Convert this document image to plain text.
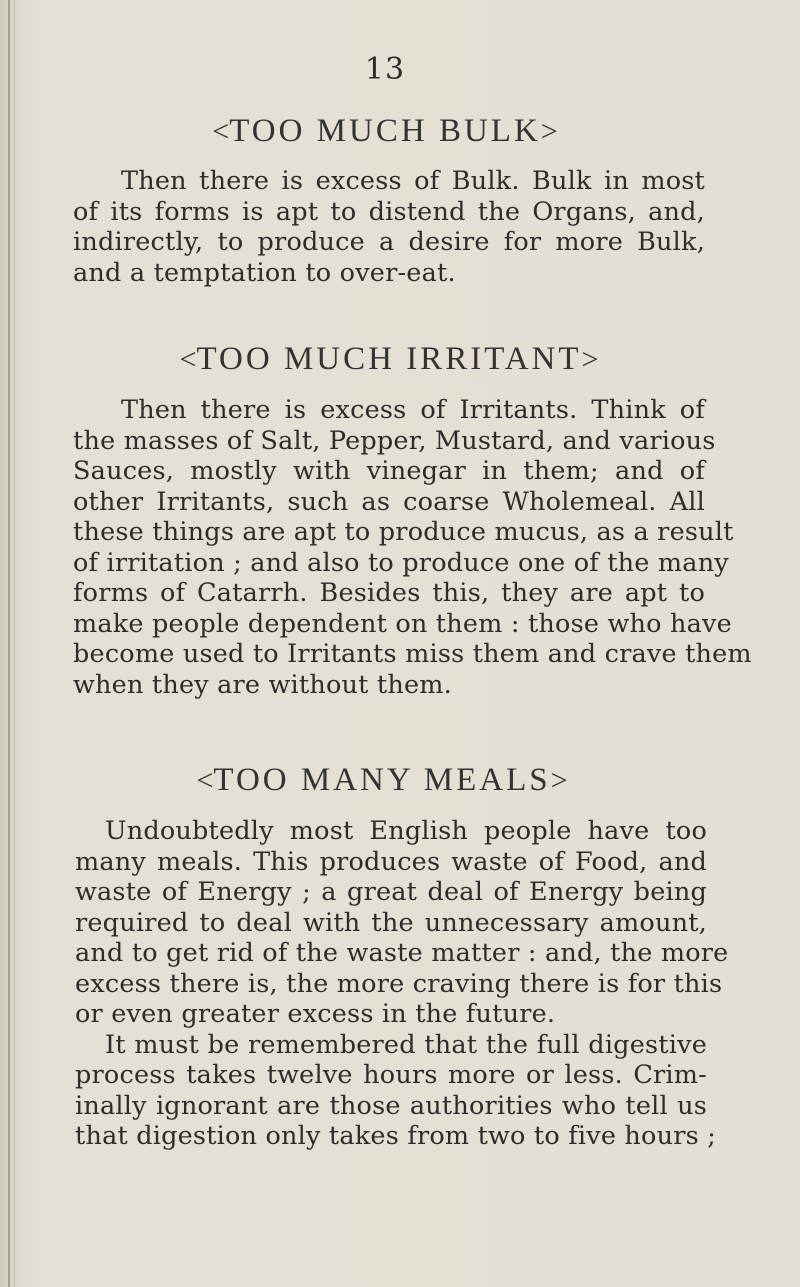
13
<TOO MUCH BULK>
Then there is excess of Bulk. Bulk in most
of its forms is apt to distend the Organs, and,
indirectly, to produce a desire for more Bulk,
and a temptation to over-eat.
<TOO MUCH IRRITANT>
Then there is excess of Irritants. Think of
the masses of Salt, Pepper, Mustard, and various
Sauces, mostly with vinegar in them; and of
other Irritants, such as coarse Wholemeal. All
these things are apt to produce mucus, as a result
of irritation ; and also to produce one of the many
forms of Catarrh. Besides this, they are apt to
make people dependent on them : those who have
become used to Irritants miss them and crave them
when they are without them.
<TOO MANY MEALS>
Undoubtedly most English people have too
many meals. This produces waste of Food, and
waste of Energy ; a great deal of Energy being
required to deal with the unnecessary amount,
and to get rid of the waste matter : and, the more
excess there is, the more craving there is for this
or even greater excess in the future.
It must be remembered that the full digestive
process takes twelve hours more or less. Crim-
inally ignorant are those authorities who tell us
that digestion only takes from two to five hours ;
